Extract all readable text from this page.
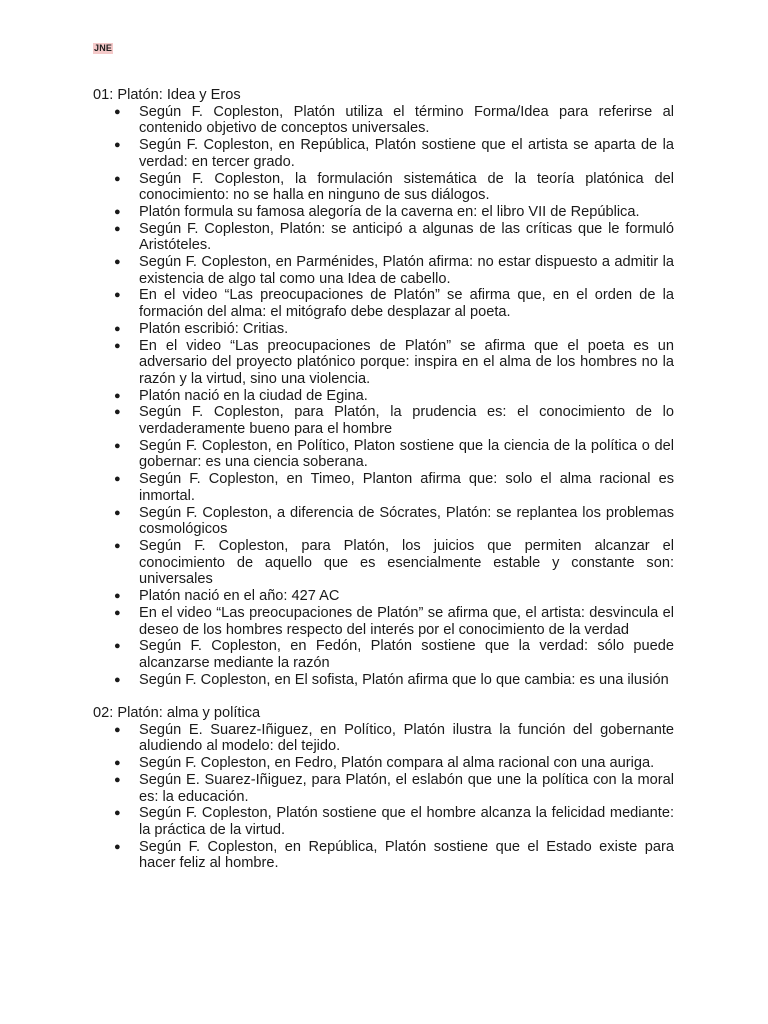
JNE
01: Platón: Idea y Eros
● Según F. Copleston, Platón utiliza el término Forma/Idea para referirse al contenido objetivo de conceptos universales.
● Según F. Copleston, en República, Platón sostiene que el artista se aparta de la verdad: en tercer grado.
● Según F. Copleston, la formulación sistemática de la teoría platónica del conocimiento: no se halla en ninguno de sus diálogos.
● Platón formula su famosa alegoría de la caverna en: el libro VII de República.
● Según F. Copleston, Platón: se anticipó a algunas de las críticas que le formuló Aristóteles.
● Según F. Copleston, en Parménides, Platón afirma: no estar dispuesto a admitir la existencia de algo tal como una Idea de cabello.
● En el video “Las preocupaciones de Platón” se afirma que, en el orden de la formación del alma: el mitógrafo debe desplazar al poeta.
● Platón escribió: Critias.
● En el video “Las preocupaciones de Platón” se afirma que el poeta es un adversario del proyecto platónico porque: inspira en el alma de los hombres no la razón y la virtud, sino una violencia.
● Platón nació en la ciudad de Egina.
● Según F. Copleston, para Platón, la prudencia es: el conocimiento de lo verdaderamente bueno para el hombre
● Según F. Copleston, en Político, Platon sostiene que la ciencia de la política o del gobernar: es una ciencia soberana.
● Según F. Copleston, en Timeo, Planton afirma que: solo el alma racional es inmortal.
● Según F. Copleston, a diferencia de Sócrates, Platón: se replantea los problemas cosmológicos
● Según F. Copleston, para Platón, los juicios que permiten alcanzar el conocimiento de aquello que es esencialmente estable y constante son: universales
● Platón nació en el año: 427 AC
● En el video “Las preocupaciones de Platón” se afirma que, el artista: desvincula el deseo de los hombres respecto del interés por el conocimiento de la verdad
● Según F. Copleston, en Fedón, Platón sostiene que la verdad: sólo puede alcanzarse mediante la razón
● Según F. Copleston, en El sofista, Platón afirma que lo que cambia: es una ilusión
02: Platón: alma y política
● Según E. Suarez-Iñiguez, en Político, Platón ilustra la función del gobernante aludiendo al modelo: del tejido.
● Según F. Copleston, en Fedro, Platón compara al alma racional con una auriga.
● Según E. Suarez-Iñiguez, para Platón, el eslabón que une la política con la moral es: la educación.
● Según F. Copleston, Platón sostiene que el hombre alcanza la felicidad mediante: la práctica de la virtud.
● Según F. Copleston, en República, Platón sostiene que el Estado existe para hacer feliz al hombre.
